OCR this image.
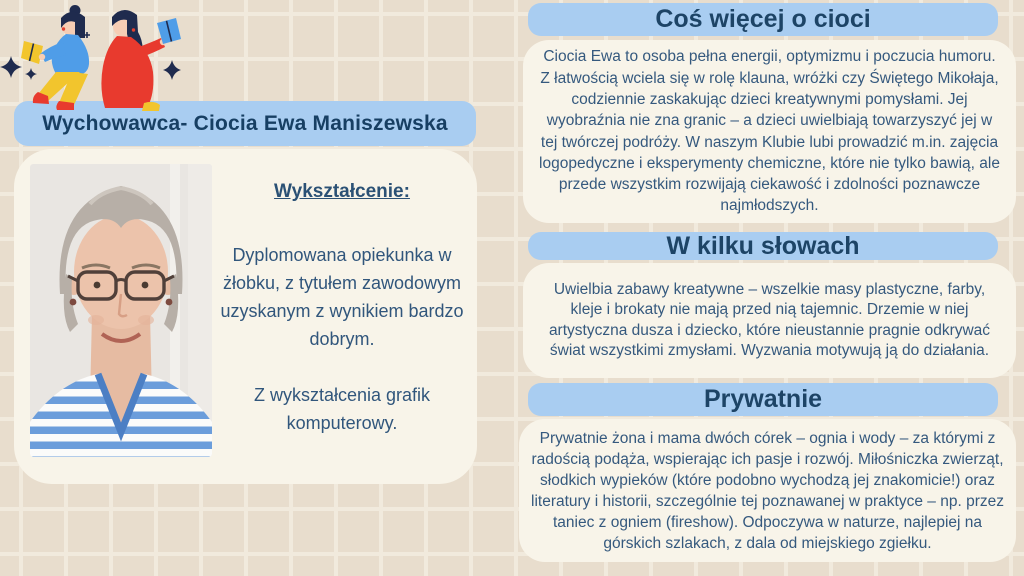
Wychowawca- Ciocia Ewa Maniszewska
Wykształcenie:

Dyplomowana opiekunka w żłobku, z tytułem zawodowym uzyskanym z wynikiem bardzo dobrym.

Z wykształcenia grafik komputerowy.

Coś więcej o cioci

Ciocia Ewa to osoba pełna energii, optymizmu i poczucia humoru. Z łatwością wciela się w rolę klauna, wróżki czy Świętego Mikołaja, codziennie zaskakując dzieci kreatywnymi pomysłami. Jej wyobraźnia nie zna granic – a dzieci uwielbiają towarzyszyć jej w tej twórczej podróży. W naszym Klubie lubi prowadzić m.in. zajęcia logopedyczne i eksperymenty chemiczne, które nie tylko bawią, ale przede wszystkim rozwijają ciekawość i zdolności poznawcze najmłodszych.

W kilku słowach

Uwielbia zabawy kreatywne – wszelkie masy plastyczne, farby, kleje i brokaty nie mają przed nią tajemnic. Drzemie w niej artystyczna dusza i dziecko, które nieustannie pragnie odkrywać świat wszystkimi zmysłami. Wyzwania motywują ją do działania.

Prywatnie

Prywatnie żona i mama dwóch córek – ognia i wody – za którymi z radością podąża, wspierając ich pasje i rozwój. Miłośniczka zwierząt, słodkich wypieków (które podobno wychodzą jej znakomicie!) oraz literatury i historii, szczególnie tej poznawanej w praktyce – np. przez taniec z ogniem (fireshow). Odpoczywa w naturze, najlepiej na górskich szlakach, z dala od miejskiego zgiełku.
